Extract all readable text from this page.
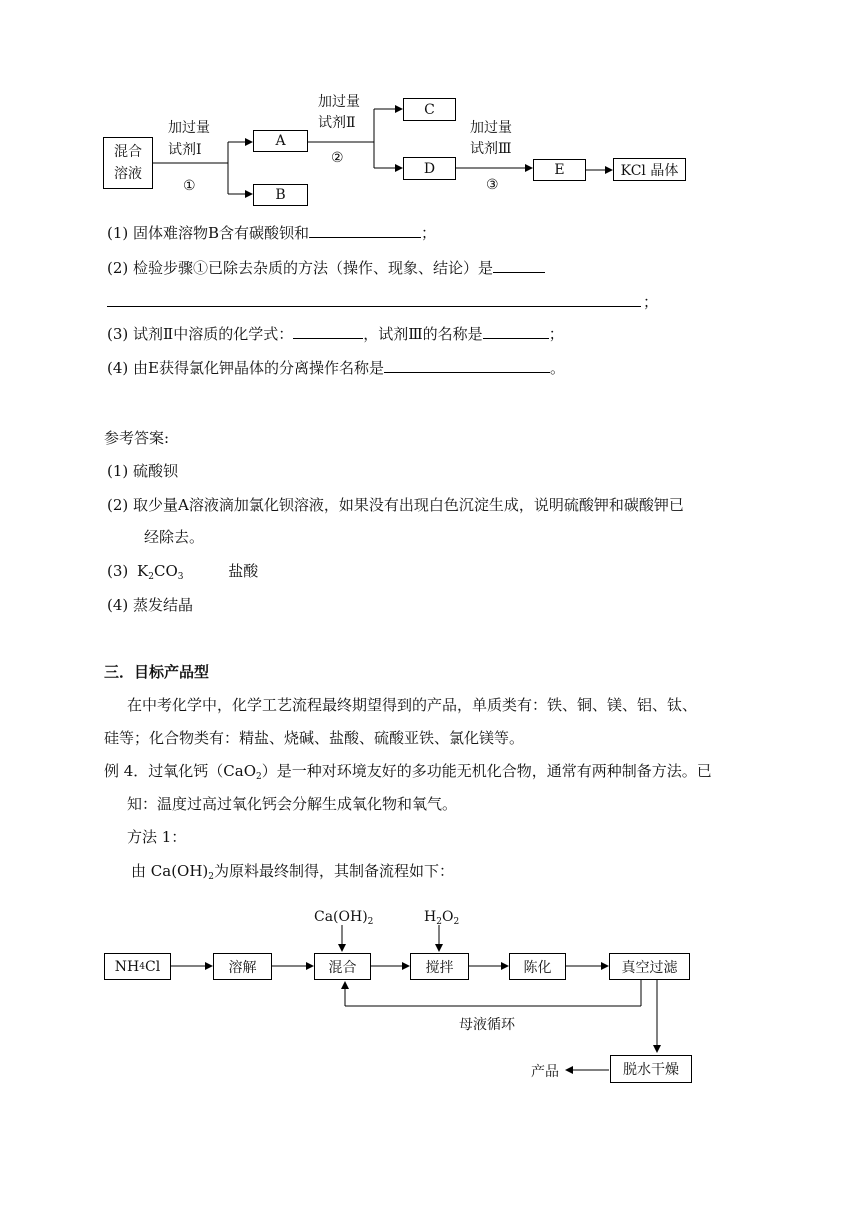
混合
溶液
加过量
试剂Ⅰ
①
A
B
加过量
试剂Ⅱ
②
C
D
加过量
试剂Ⅲ
③
E	KCl 晶体
(1) 固体难溶物B含有碳酸钡和	；
(2) 检验步骤①已除去杂质的方法（操作、现象、结论）是
；
(3) 试剂Ⅱ中溶质的化学式：	，试剂Ⅲ的名称是	；
(4) 由E获得氯化钾晶体的分离操作名称是	。
参考答案:
(1) 硫酸钡
(2) 取少量A溶液滴加氯化钡溶液，如果没有出现白色沉淀生成，说明硫酸钾和碳酸钾已
经除去。
(3) $K_2CO_3$	盐酸
(4) 蒸发结晶
三．目标产品型
在中考化学中，化学工艺流程最终期望得到的产品，单质类有：铁、铜、镁、铝、钛、
硅等；化合物类有：精盐、烧碱、盐酸、硫酸亚铁、氯化镁等。
例 4．过氧化钙（CaO$_2$）是一种对环境友好的多功能无机化合物，通常有两种制备方法。已
知：温度过高过氧化钙会分解生成氧化物和氧气。
方法 1：
由 $Ca(OH)_2$为原料最终制得，其制备流程如下：
NH 4 Cl	溶解	混合	搅拌	陈化	真空过滤
$Ca(OH)_2$	$H_2O_2$
母液循环
脱水干燥
产品
